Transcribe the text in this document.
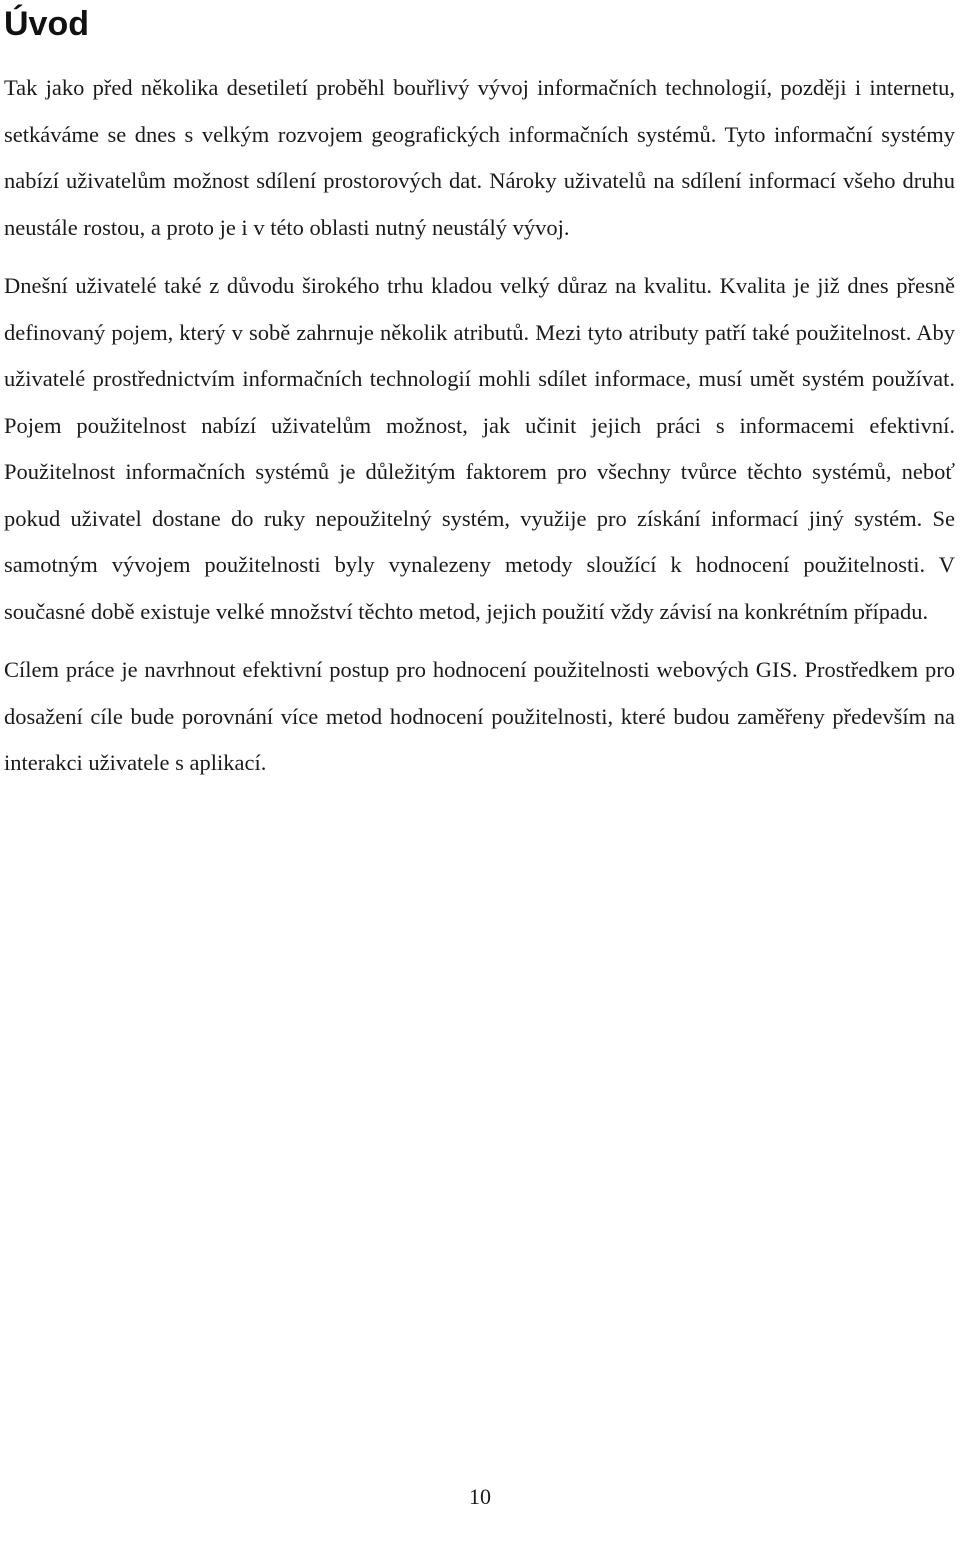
Úvod

Tak jako před několika desetiletí proběhl bouřlivý vývoj informačních technologií, později i internetu, setkáváme se dnes s velkým rozvojem geografických informačních systémů. Tyto informační systémy nabízí uživatelům možnost sdílení prostorových dat. Nároky uživatelů na sdílení informací všeho druhu neustále rostou, a proto je i v této oblasti nutný neustálý vývoj.

Dnešní uživatelé také z důvodu širokého trhu kladou velký důraz na kvalitu. Kvalita je již dnes přesně definovaný pojem, který v sobě zahrnuje několik atributů. Mezi tyto atributy patří také použitelnost. Aby uživatelé prostřednictvím informačních technologií mohli sdílet informace, musí umět systém používat. Pojem použitelnost nabízí uživatelům možnost, jak učinit jejich práci s informacemi efektivní. Použitelnost informačních systémů je důležitým faktorem pro všechny tvůrce těchto systémů, neboť pokud uživatel dostane do ruky nepoužitelný systém, využije pro získání informací jiný systém. Se samotným vývojem použitelnosti byly vynalezeny metody sloužící k hodnocení použitelnosti. V současné době existuje velké množství těchto metod, jejich použití vždy závisí na konkrétním případu.

Cílem práce je navrhnout efektivní postup pro hodnocení použitelnosti webových GIS. Prostředkem pro dosažení cíle bude porovnání více metod hodnocení použitelnosti, které budou zaměřeny především na interakci uživatele s aplikací.

10
